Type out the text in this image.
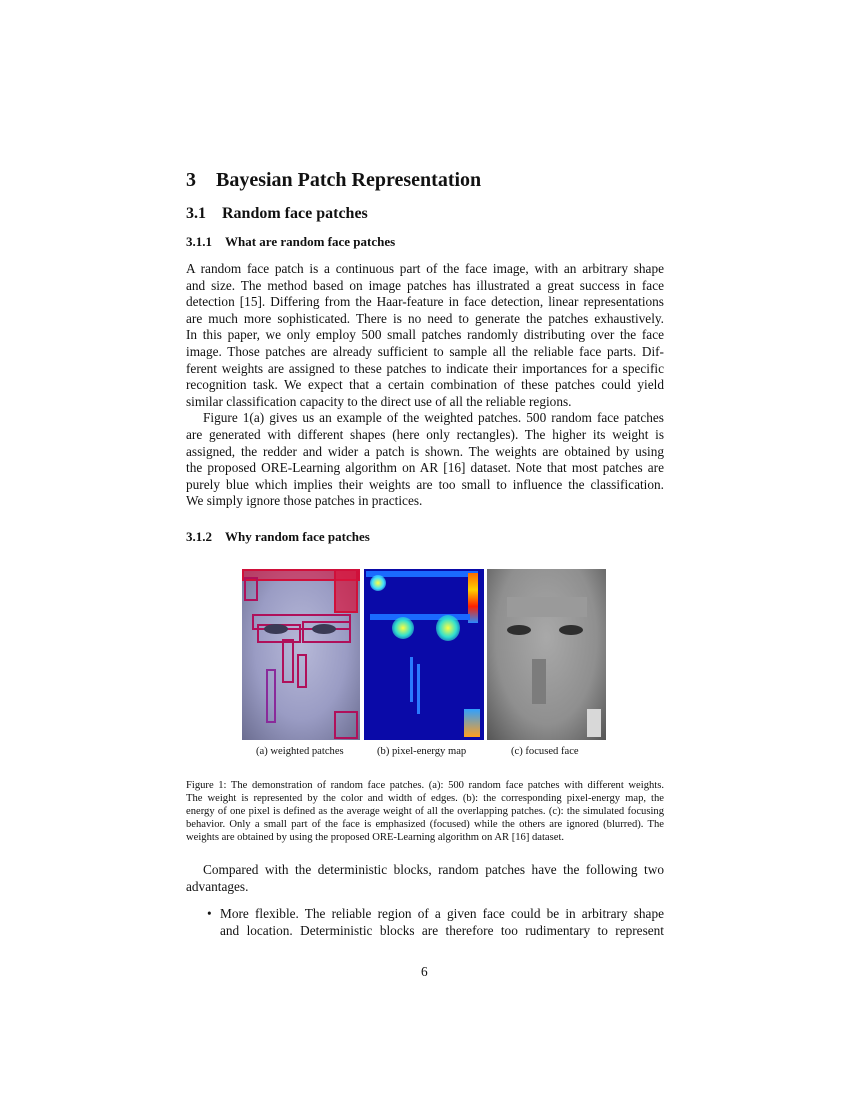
3 Bayesian Patch Representation
3.1 Random face patches
3.1.1 What are random face patches
A random face patch is a continuous part of the face image, with an arbitrary shape
and size. The method based on image patches has illustrated a great success in face
detection [15]. Differing from the Haar-feature in face detection, linear representations
are much more sophisticated. There is no need to generate the patches exhaustively.
In this paper, we only employ 500 small patches randomly distributing over the face
image. Those patches are already sufficient to sample all the reliable face parts. Dif-
ferent weights are assigned to these patches to indicate their importances for a specific
recognition task. We expect that a certain combination of these patches could yield
similar classification capacity to the direct use of all the reliable regions.
Figure 1(a) gives us an example of the weighted patches. 500 random face patches
are generated with different shapes (here only rectangles). The higher its weight is
assigned, the redder and wider a patch is shown. The weights are obtained by using
the proposed ORE-Learning algorithm on AR [16] dataset. Note that most patches are
purely blue which implies their weights are too small to influence the classification.
We simply ignore those patches in practices.
3.1.2 Why random face patches
(a) weighted patches	(b) pixel-energy map	(c) focused face
Figure 1: The demonstration of random face patches. (a): 500 random face patches with different weights.
The weight is represented by the color and width of edges. (b): the corresponding pixel-energy map, the
energy of one pixel is defined as the average weight of all the overlapping patches. (c): the simulated focusing
behavior. Only a small part of the face is emphasized (focused) while the others are ignored (blurred). The
weights are obtained by using the proposed ORE-Learning algorithm on AR [16] dataset.
Compared with the deterministic blocks, random patches have the following two
advantages.
• More flexible. The reliable region of a given face could be in arbitrary shape
and location. Deterministic blocks are therefore too rudimentary to represent
6
